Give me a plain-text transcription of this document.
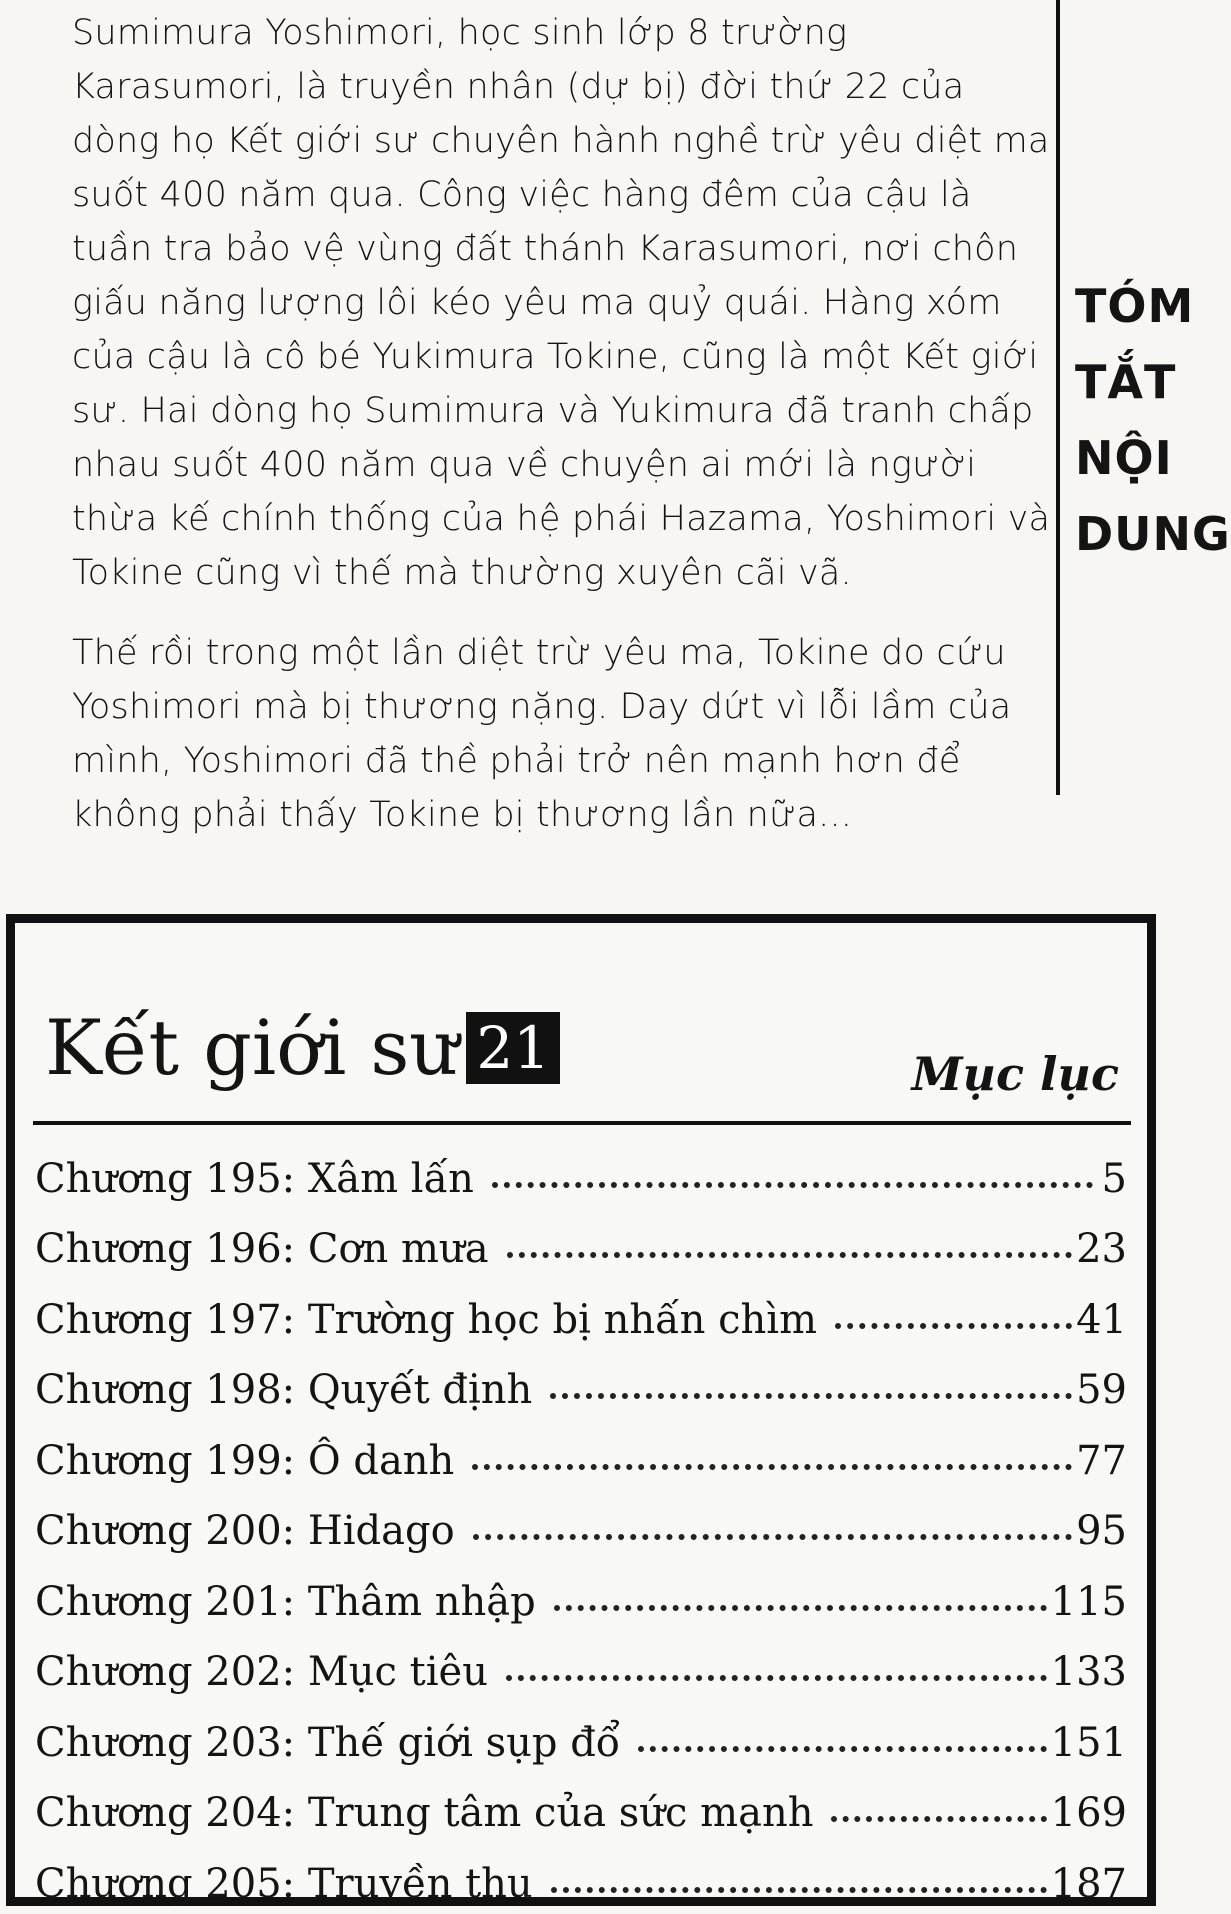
Sumimura Yoshimori, học sinh lớp 8 trường Karasumori, là truyền nhân (dự bị) đời thứ 22 của dòng họ Kết giới sư chuyên hành nghề trừ yêu diệt ma suốt 400 năm qua. Công việc hàng đêm của cậu là tuần tra bảo vệ vùng đất thánh Karasumori, nơi chôn giấu năng lượng lôi kéo yêu ma quỷ quái. Hàng xóm của cậu là cô bé Yukimura Tokine, cũng là một Kết giới sư. Hai dòng họ Sumimura và Yukimura đã tranh chấp nhau suốt 400 năm qua về chuyện ai mới là người thừa kế chính thống của hệ phái Hazama, Yoshimori và Tokine cũng vì thế mà thường xuyên cãi vã.

Thế rồi trong một lần diệt trừ yêu ma, Tokine do cứu Yoshimori mà bị thương nặng. Day dứt vì lỗi lầm của mình, Yoshimori đã thề phải trở nên mạnh hơn để không phải thấy Tokine bị thương lần nữa...

TÓM
TẮT
NỘI
DUNG
Kết giới sư 21	Mục lục
Chương 195: Xâm lấn	5
Chương 196: Cơn mưa	23
Chương 197: Trường học bị nhấn chìm	41
Chương 198: Quyết định	59
Chương 199: Ô danh	77
Chương 200: Hidago	95
Chương 201: Thâm nhập	115
Chương 202: Mục tiêu	133
Chương 203: Thế giới sụp đổ	151
Chương 204: Trung tâm của sức mạnh	169
Chương 205: Truyền thụ	187
